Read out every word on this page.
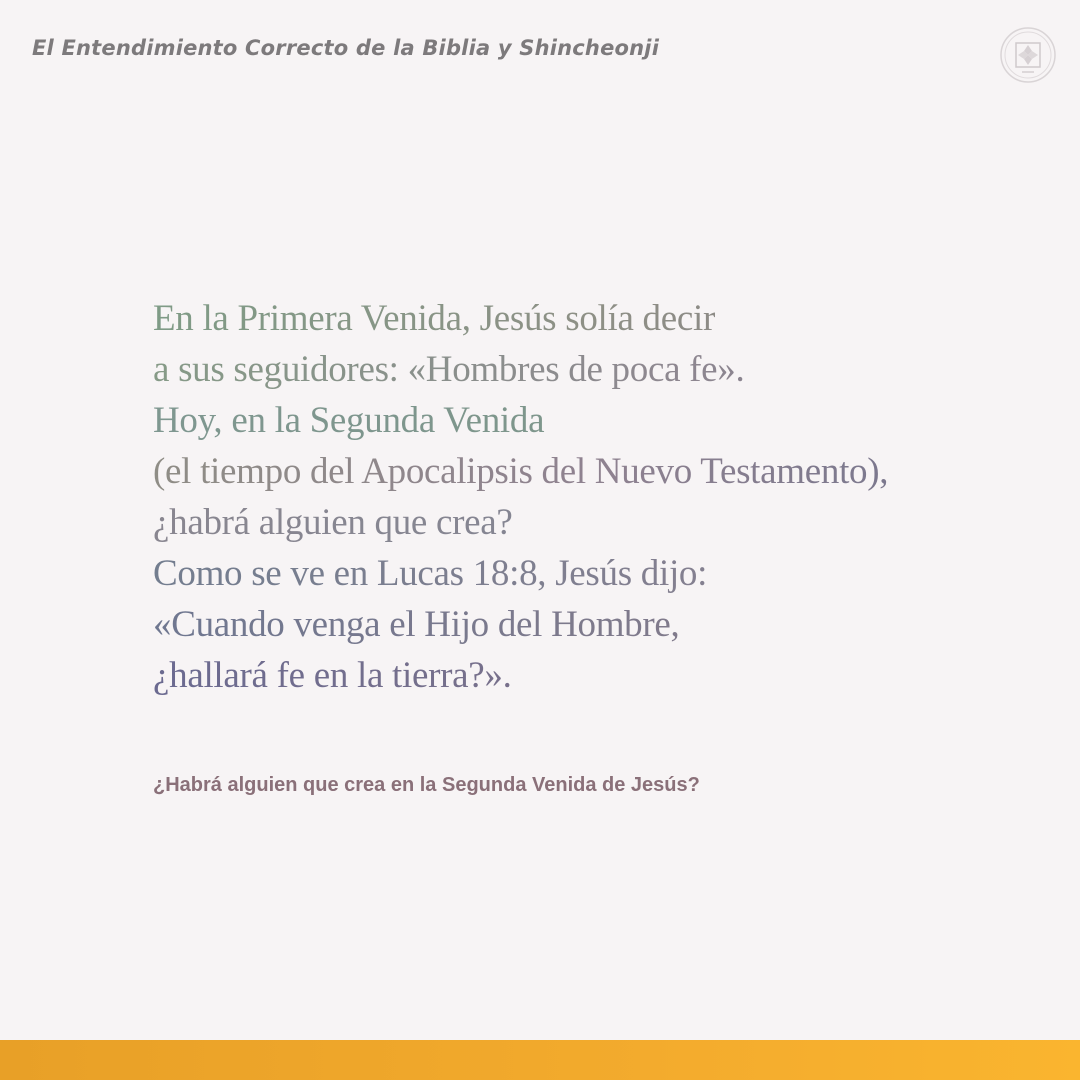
El Entendimiento Correcto de la Biblia y Shincheonji
En la Primera Venida, Jesús solía decir
a sus seguidores: «Hombres de poca fe».
Hoy, en la Segunda Venida
(el tiempo del Apocalipsis del Nuevo Testamento),
¿habrá alguien que crea?
Como se ve en Lucas 18:8, Jesús dijo:
«Cuando venga el Hijo del Hombre,
¿hallará fe en la tierra?».
¿Habrá alguien que crea en la Segunda Venida de Jesús?
